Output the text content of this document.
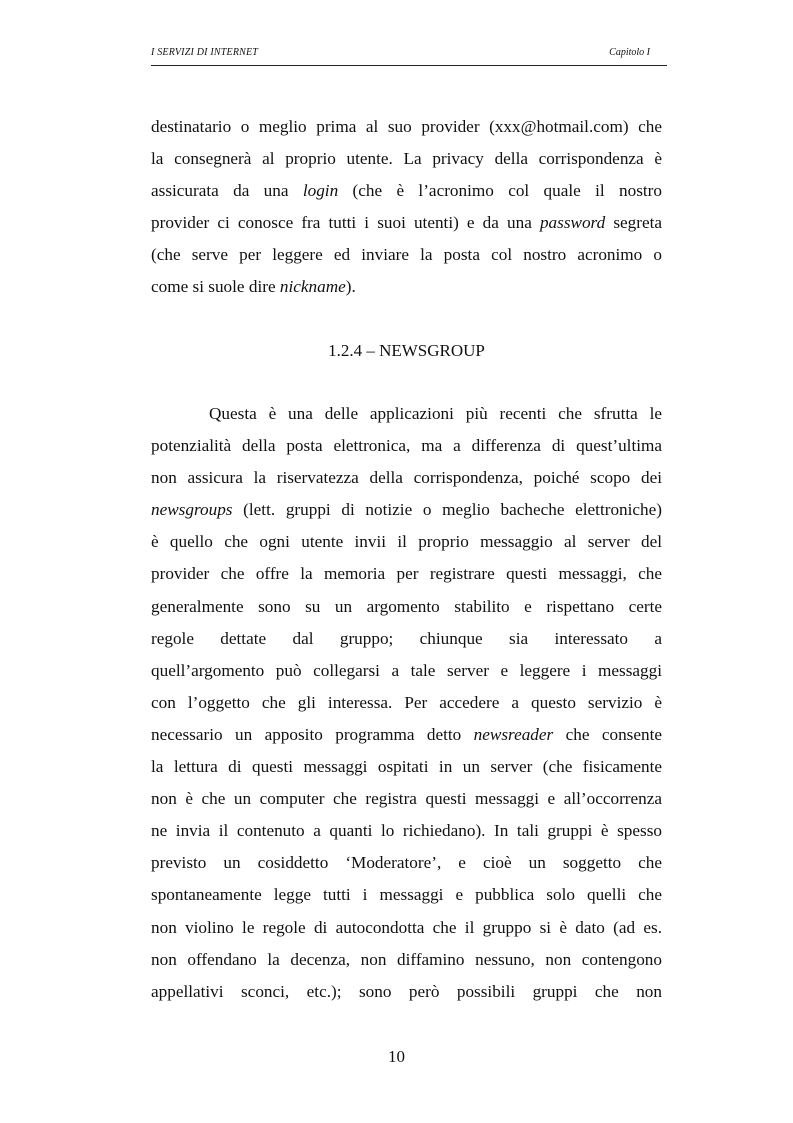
I SERVIZI DI INTERNET	Capitolo I
destinatario o meglio prima al suo provider (xxx@hotmail.com) che
la consegnerà al proprio utente. La privacy della corrispondenza è
assicurata da una login (che è l’acronimo col quale il nostro
provider ci conosce fra tutti i suoi utenti) e da una password segreta
(che serve per leggere ed inviare la posta col nostro acronimo o
come si suole dire nickname).
1.2.4 – NEWSGROUP
Questa è una delle applicazioni più recenti che sfrutta le
potenzialità della posta elettronica, ma a differenza di quest’ultima
non assicura la riservatezza della corrispondenza, poiché scopo dei
newsgroups (lett. gruppi di notizie o meglio bacheche elettroniche)
è quello che ogni utente invii il proprio messaggio al server del
provider che offre la memoria per registrare questi messaggi, che
generalmente sono su un argomento stabilito e rispettano certe
regole dettate dal gruppo; chiunque sia interessato a
quell’argomento può collegarsi a tale server e leggere i messaggi
con l’oggetto che gli interessa. Per accedere a questo servizio è
necessario un apposito programma detto newsreader che consente
la lettura di questi messaggi ospitati in un server (che fisicamente
non è che un computer che registra questi messaggi e all’occorrenza
ne invia il contenuto a quanti lo richiedano). In tali gruppi è spesso
previsto un cosiddetto ‘Moderatore’, e cioè un soggetto che
spontaneamente legge tutti i messaggi e pubblica solo quelli che
non violino le regole di autocondotta che il gruppo si è dato (ad es.
non offendano la decenza, non diffamino nessuno, non contengono
appellativi sconci, etc.); sono però possibili gruppi che non
10
